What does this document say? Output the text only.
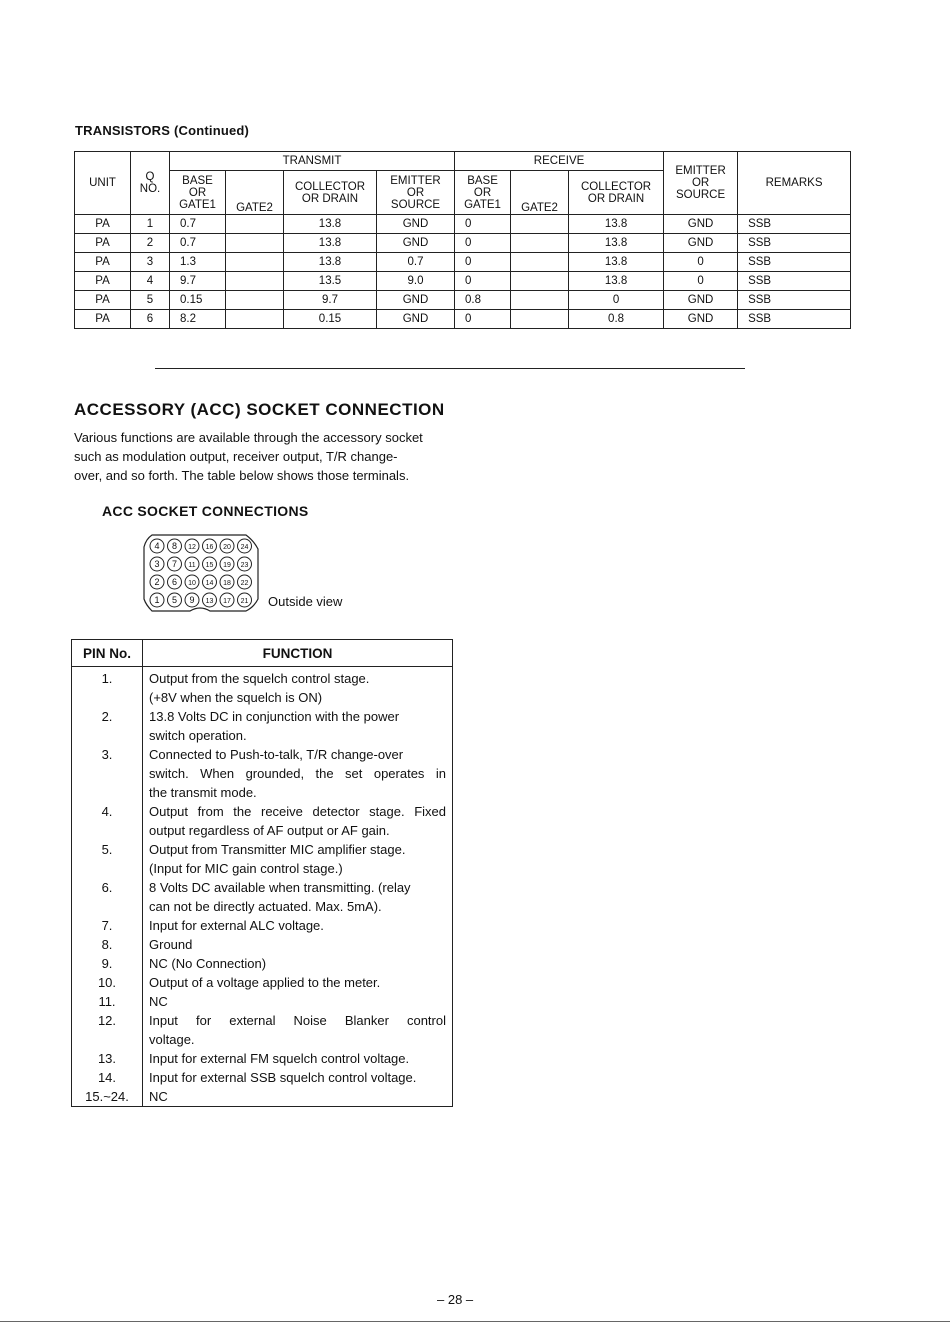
TRANSISTORS (Continued)
UNIT	Q NO.	TRANSMIT				RECEIVE			EMITTER OR SOURCE	REMARKS
		BASE OR GATE1	GATE2	COLLECTOR OR DRAIN	EMITTER OR SOURCE	BASE OR GATE1	GATE2	COLLECTOR OR DRAIN		
PA	1	0.7		13.8	GND	0		13.8	GND	SSB
PA	2	0.7		13.8	GND	0		13.8	GND	SSB
PA	3	1.3		13.8	0.7	0		13.8	0	SSB
PA	4	9.7		13.5	9.0	0		13.8	0	SSB
PA	5	0.15		9.7	GND	0.8		0	GND	SSB
PA	6	8.2		0.15	GND	0		0.8	GND	SSB
ACCESSORY (ACC) SOCKET CONNECTION

Various functions are available through the accessory socket

such as modulation output, receiver output, T/R change-

over, and so forth. The table below shows those terminals.

ACC SOCKET CONNECTIONS
4 8 12 16 20 24
3 7 11 15 19 23
2 6 10 14 18 22
1 5 9 13 17 21 Outside view
PIN No.	FUNCTION
1.	Output from the squelch control stage.
(+8V when the squelch is ON)

2.	13.8 Volts DC in conjunction with the power
switch operation.

3.	Connected to Push-to-talk, T/R change-over
switch. When grounded, the set operates in
the transmit mode.

4.	Output from the receive detector stage. Fixed
output regardless of AF output or AF gain.

5.	Output from Transmitter MIC amplifier stage.
(Input for MIC gain control stage.)

6.	8 Volts DC available when transmitting. (relay
can not be directly actuated. Max. 5mA).

7.	Input for external ALC voltage.

8.	Ground

9.	NC (No Connection)

10.	Output of a voltage applied to the meter.

11.	NC

12.	Input for external Noise Blanker control
voltage.

13.	Input for external FM squelch control voltage.

14.	Input for external SSB squelch control voltage.

15.~24.	NC
– 28 –
